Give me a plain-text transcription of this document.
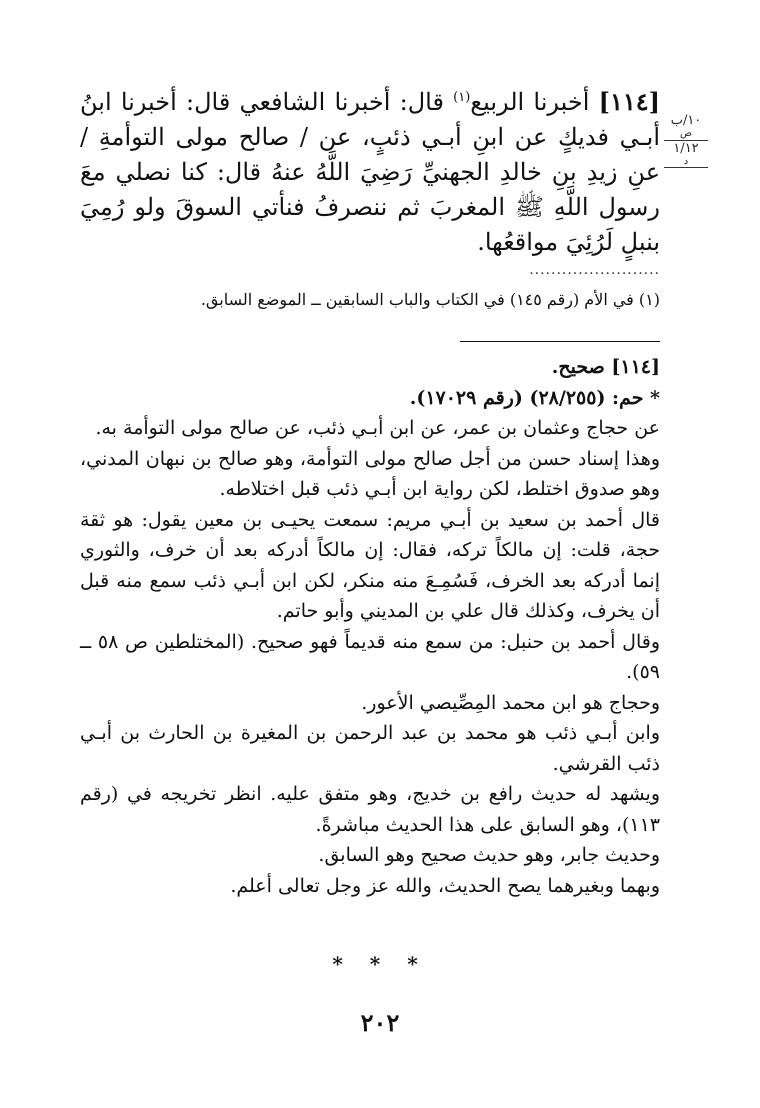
[١١٤] أخبرنا الربيع$^{(١)}$ قال: أخبرنا الشافعي قال: أخبرنا ابنُ أبـي فديكٍ عن ابنِ أبـي ذئبٍ، عن / صالح مولى التوأمةِ / عنِ زيدِ بنِ خالدِ الجهنيِّ رَضِيَ اللَّهُ عنهُ قال: كنا نصلي معَ رسول اللَّهِ ﷺ المغربَ ثم ننصرفُ فنأتي السوقَ ولو رُمِيَ بنبلٍ لَرُئِيَ مواقعُها.

١٠/ب
ص
١/١٢
د
........................
(١) في الأم (رقم ١٤٥) في الكتاب والباب السابقين ــ الموضع السابق.

[١١٤] صحيح.

* حم: (٢٨/٢٥٥) (رقم ١٧٠٢٩).

عن حجاج وعثمان بن عمر، عن ابن أبـي ذئب، عن صالح مولى التوأمة به.

وهذا إسناد حسن من أجل صالح مولى التوأمة، وهو صالح بن نبهان المدني، وهو صدوق اختلط، لكن رواية ابن أبـي ذئب قبل اختلاطه.

قال أحمد بن سعيد بن أبـي مريم: سمعت يحيـى بن معين يقول: هو ثقة حجة، قلت: إن مالكاً تركه، فقال: إن مالكاً أدركه بعد أن خرف، والثوري إنما أدركه بعد الخرف، فَسُمِـعَ منه منكر، لكن ابن أبـي ذئب سمع منه قبل أن يخرف، وكذلك قال علي بن المديني وأبو حاتم.

وقال أحمد بن حنبل: من سمع منه قديماً فهو صحيح. (المختلطين ص ٥٨ ــ ٥٩).

وحجاج هو ابن محمد المِصِّيصي الأعور.

وابن أبـي ذئب هو محمد بن عبد الرحمن بن المغيرة بن الحارث بن أبـي ذئب القرشي.

ويشهد له حديث رافع بن خديج، وهو متفق عليه. انظر تخريجه في (رقم ١١٣)، وهو السابق على هذا الحديث مباشرةً.

وحديث جابر، وهو حديث صحيح وهو السابق.

وبهما وبغيرهما يصح الحديث، والله عز وجل تعالى أعلم.

* * *
٢٠٢
